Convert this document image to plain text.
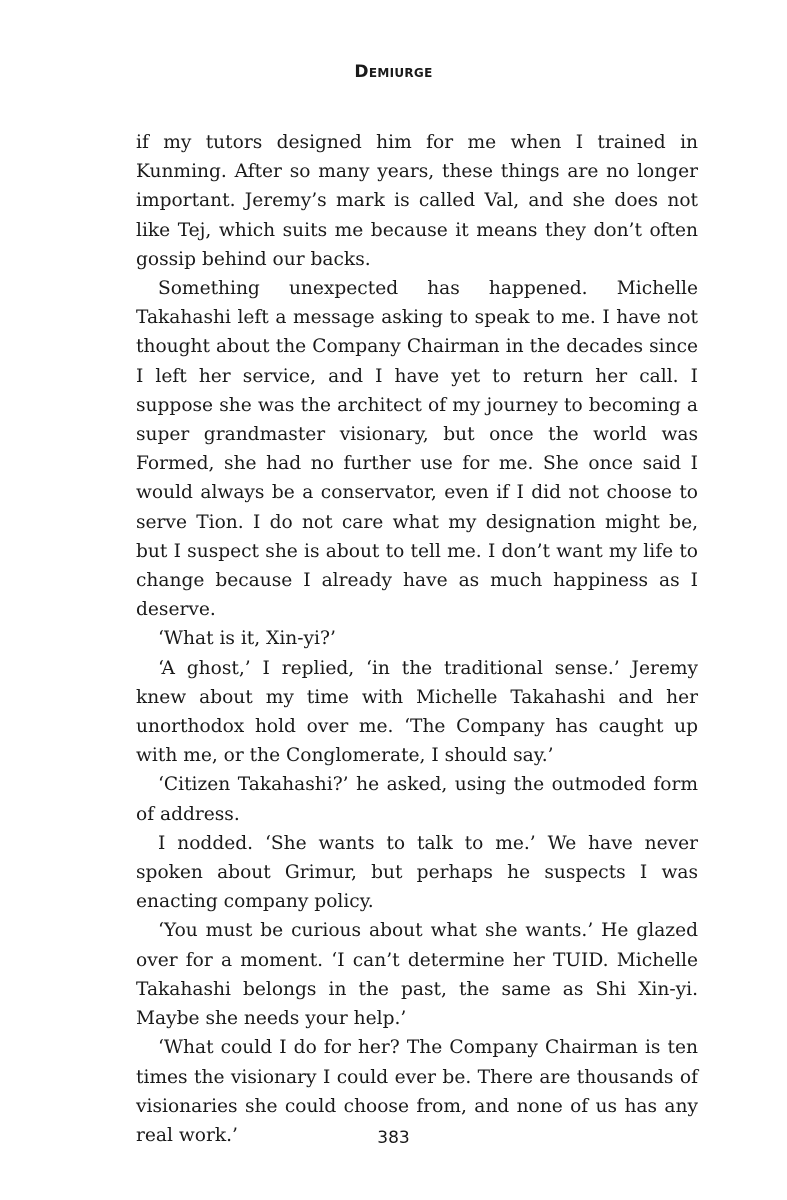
Demiurge

if my tutors designed him for me when I trained in Kunming. After so many years, these things are no longer important. Jeremy’s mark is called Val, and she does not like Tej, which suits me because it means they don’t often gossip behind our backs.

Something unexpected has happened. Michelle Takahashi left a message asking to speak to me. I have not thought about the Company Chairman in the decades since I left her service, and I have yet to return her call. I suppose she was the architect of my journey to becoming a super grandmaster visionary, but once the world was Formed, she had no further use for me. She once said I would always be a conservator, even if I did not choose to serve Tion. I do not care what my designation might be, but I suspect she is about to tell me. I don’t want my life to change because I already have as much happiness as I deserve.

‘What is it, Xin-yi?’

‘A ghost,’ I replied, ‘in the traditional sense.’ Jeremy knew about my time with Michelle Takahashi and her unorthodox hold over me. ‘The Company has caught up with me, or the Conglomerate, I should say.’

‘Citizen Takahashi?’ he asked, using the outmoded form of address.

I nodded. ‘She wants to talk to me.’ We have never spoken about Grimur, but perhaps he suspects I was enacting company policy.

‘You must be curious about what she wants.’ He glazed over for a moment. ‘I can’t determine her TUID. Michelle Takahashi belongs in the past, the same as Shi Xin-yi. Maybe she needs your help.’

‘What could I do for her? The Company Chairman is ten times the visionary I could ever be. There are thousands of visionaries she could choose from, and none of us has any real work.’	383
